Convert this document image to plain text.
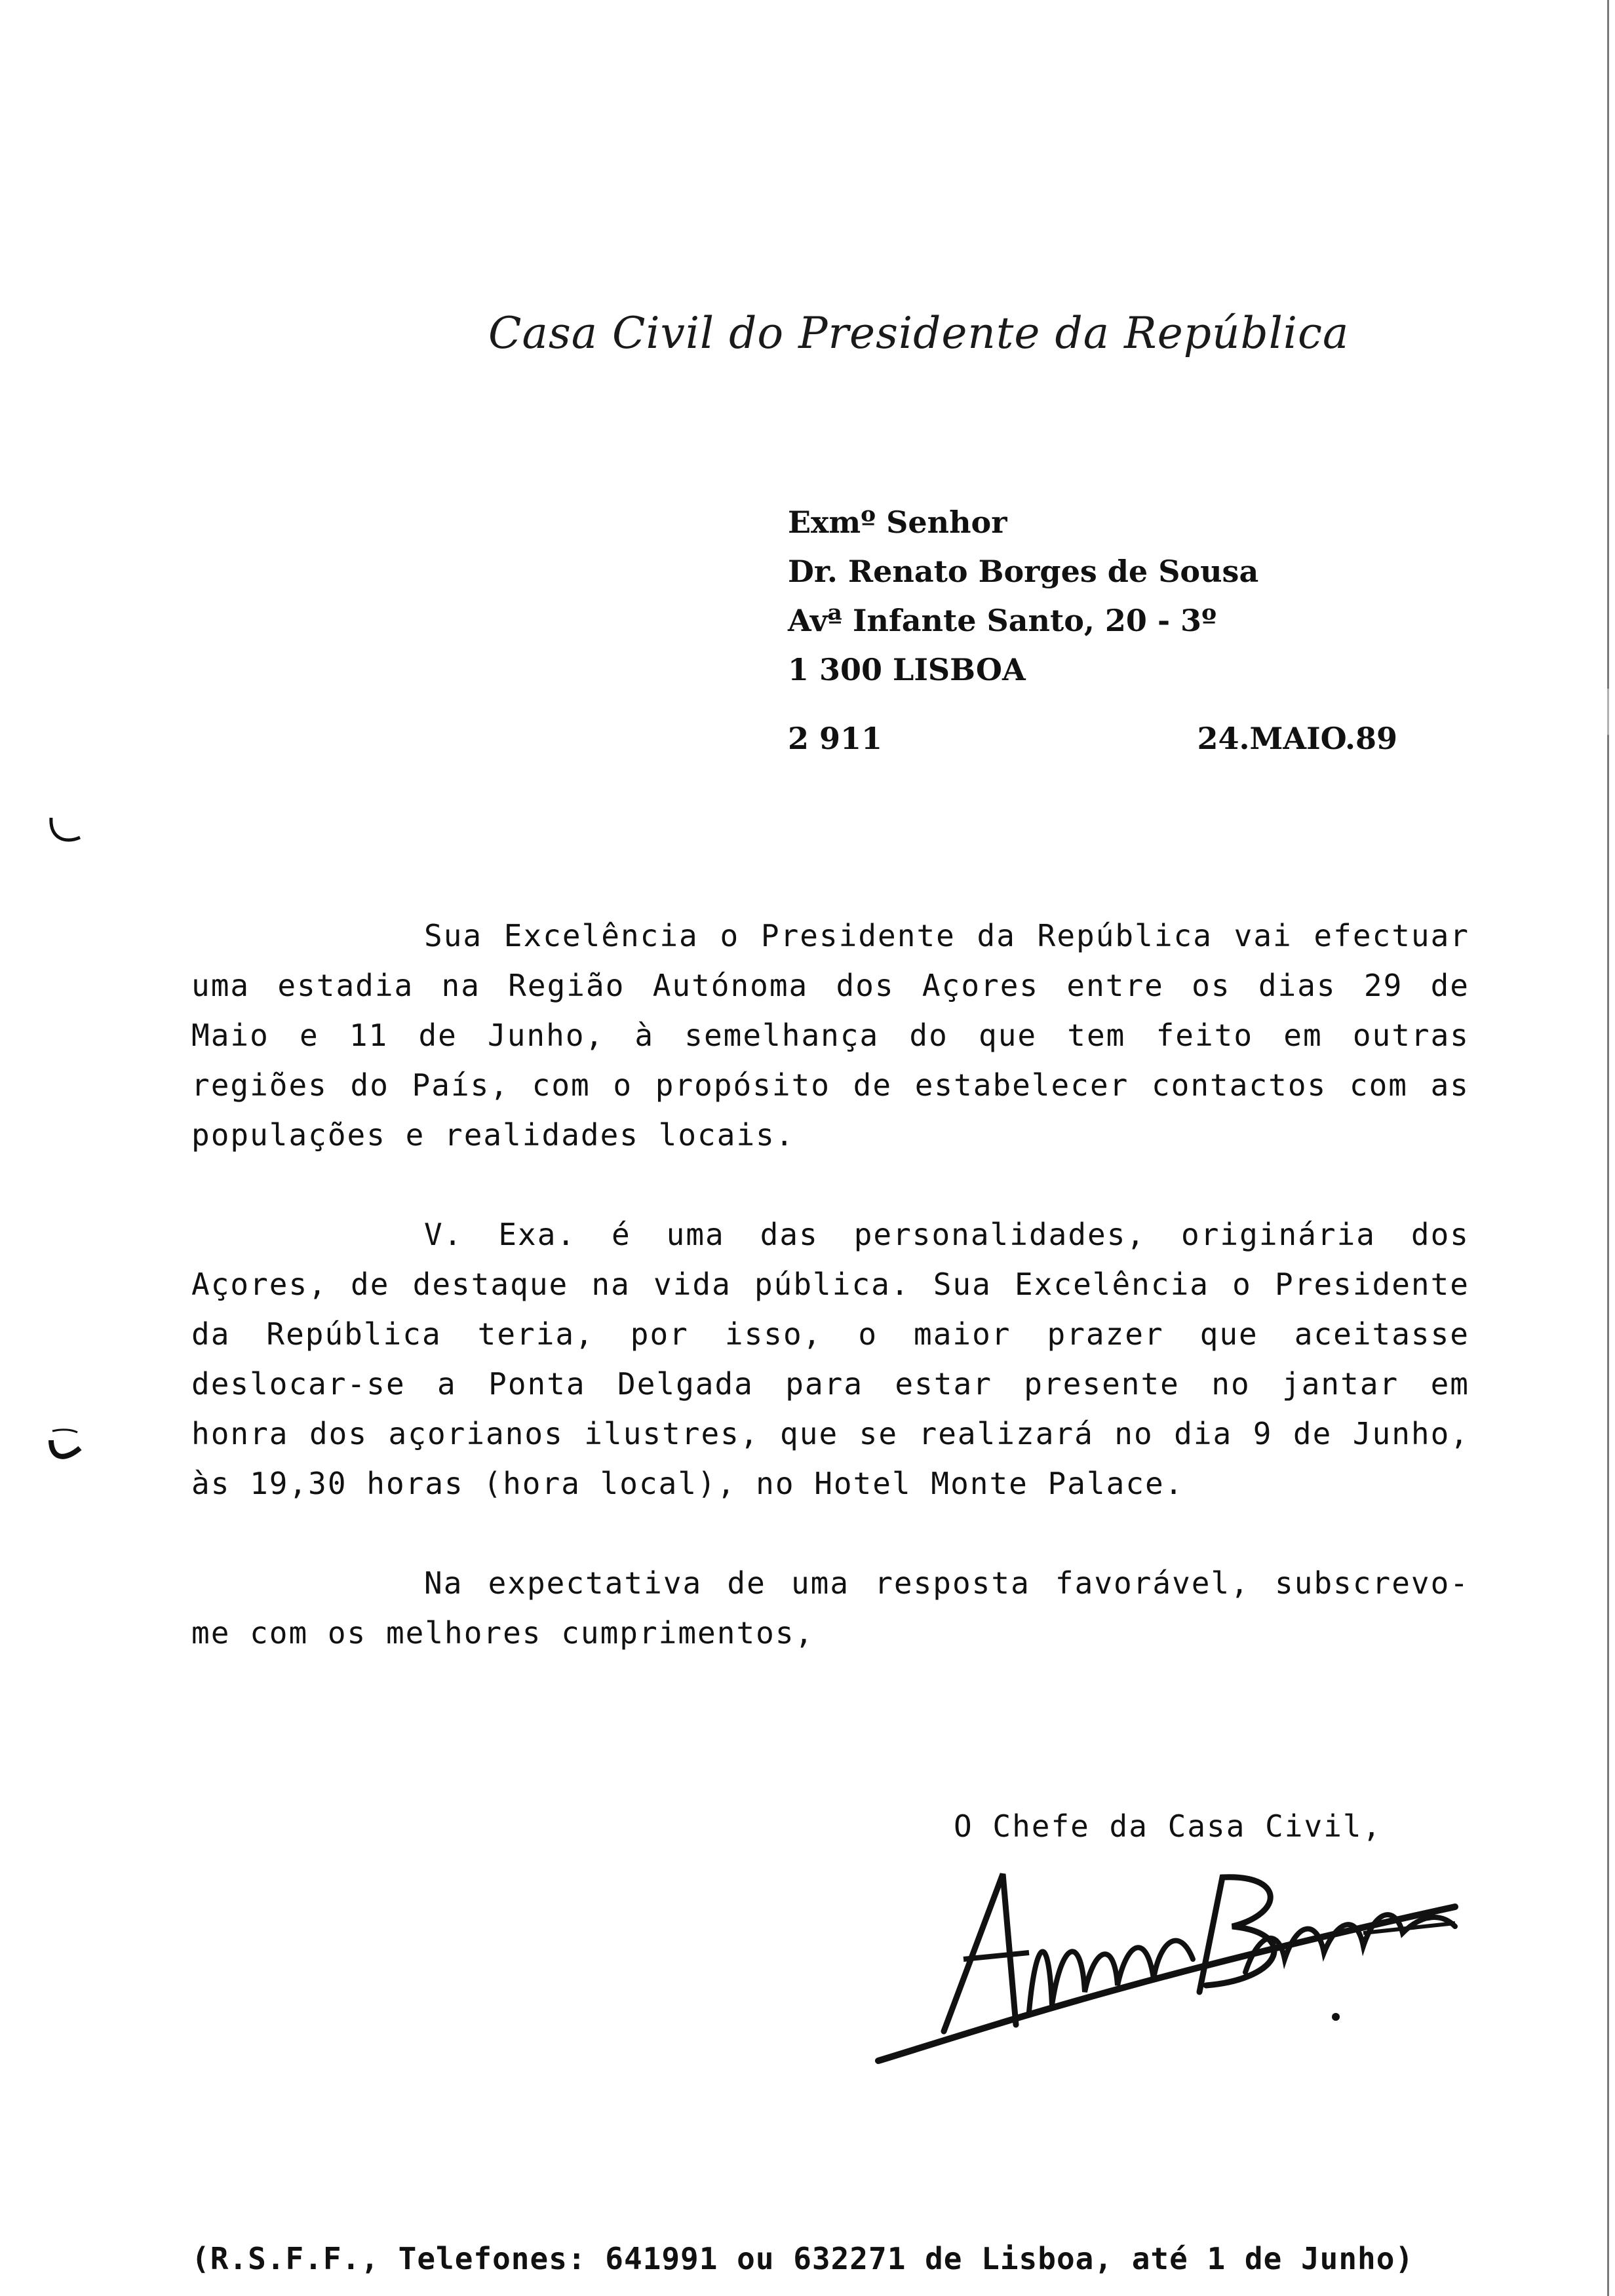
Casa Civil do Presidente da República
Exmº Senhor
Dr. Renato Borges de Sousa
Avª Infante Santo, 20 - 3º
1 300 LISBOA
2 911	24.MAIO.89

Sua Excelência o Presidente da República vai efectuar uma estadia na Região Autónoma dos Açores entre os dias 29 de Maio e 11 de Junho, à semelhança do que tem feito em outras regiões do País, com o propósito de estabelecer contactos com as populações e realidades locais.

V. Exa. é uma das personalidades, originária dos Açores, de destaque na vida pública. Sua Excelência o Presidente da República teria, por isso, o maior prazer que aceitasse deslocar-se a Ponta Delgada para estar presente no jantar em honra dos açorianos ilustres, que se realizará no dia 9 de Junho, às 19,30 horas (hora local), no Hotel Monte Palace.

Na expectativa de uma resposta favorável, subscrevo-me com os melhores cumprimentos,

O Chefe da Casa Civil,
(R.S.F.F., Telefones: 641991 ou 632271 de Lisboa, até 1 de Junho)
